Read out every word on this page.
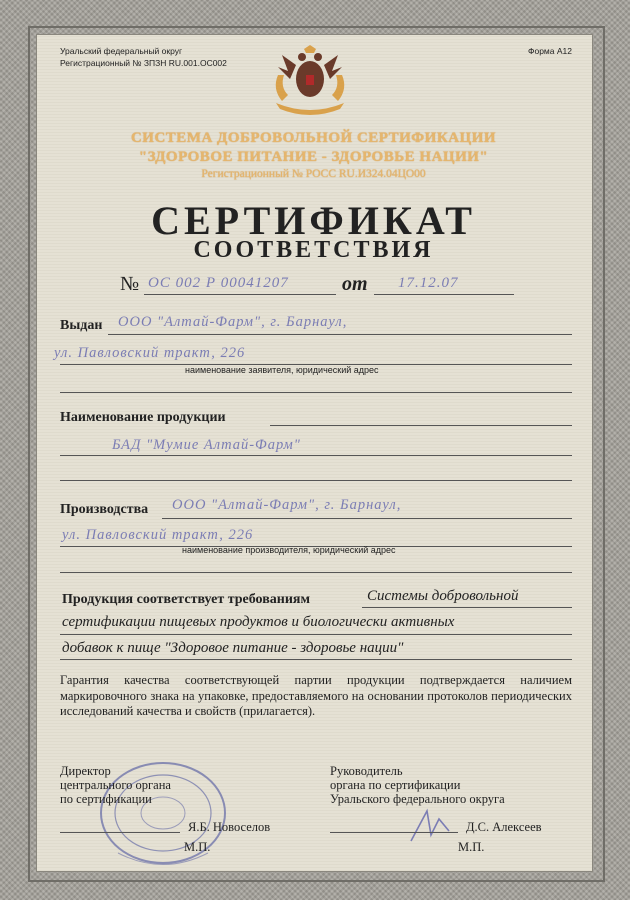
Уральский федеральный округ
Регистрационный № ЗПЗН RU.001.ОС002
Форма А12
СИСТЕМА ДОБРОВОЛЬНОЙ СЕРТИФИКАЦИИ
"ЗДОРОВОЕ ПИТАНИЕ - ЗДОРОВЬЕ НАЦИИ"
Регистрационный № РОСС RU.И324.04ЦО00
СЕРТИФИКАТ
СООТВЕТСТВИЯ
№ ОС 002 Р 00041207	от 17.12.07
Выдан ООО "Алтай-Фарм", г. Барнаул,
ул. Павловский тракт, 226
наименование заявителя, юридический адрес
Наименование продукции
БАД "Мумие Алтай-Фарм"
Производства ООО "Алтай-Фарм", г. Барнаул,
ул. Павловский тракт, 226
наименование производителя, юридический адрес
Продукция соответствует требованиям	Системы добровольной
сертификации пищевых продуктов и биологически активных
добавок к пище "Здоровое питание - здоровье нации"
Гарантия качества соответствующей партии продукции подтверждается наличием маркировочного знака на упаковке, предоставляемого на основании протоколов периодических исследований качества и свойств (прилагается).
Директор
центрального органа
по сертификации
Я.Б. Новоселов
М.П.
Руководитель
органа по сертификации
Уральского федерального округа
Д.С. Алексеев
М.П.
